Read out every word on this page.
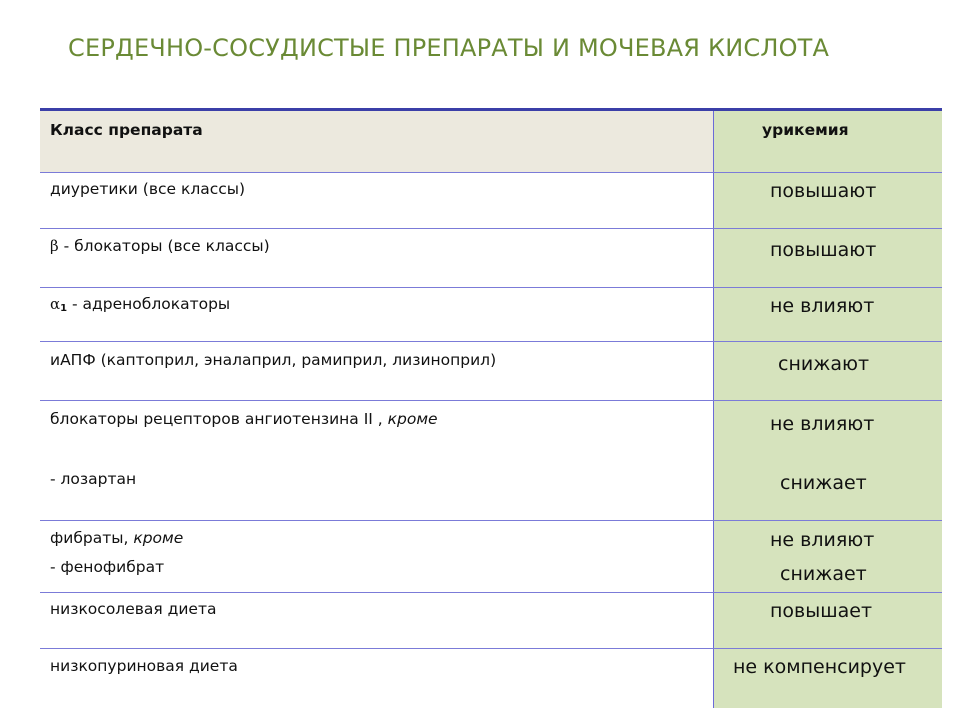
СЕРДЕЧНО-СОСУДИСТЫЕ ПРЕПАРАТЫ И МОЧЕВАЯ КИСЛОТА
Класс препарата	урикемия
диуретики (все классы)	повышают
β - блокаторы (все классы)	повышают
$\alpha_1$ - адреноблокаторы	не влияют
иАПФ (каптоприл, эналаприл, рамиприл, лизиноприл)	снижают
блокаторы рецепторов ангиотензина II , кроме	не влияют
- лозартан	снижает
фибраты, кроме	не влияют
- фенофибрат	снижает
низкосолевая диета	повышает
низкопуриновая диета	не компенсирует
